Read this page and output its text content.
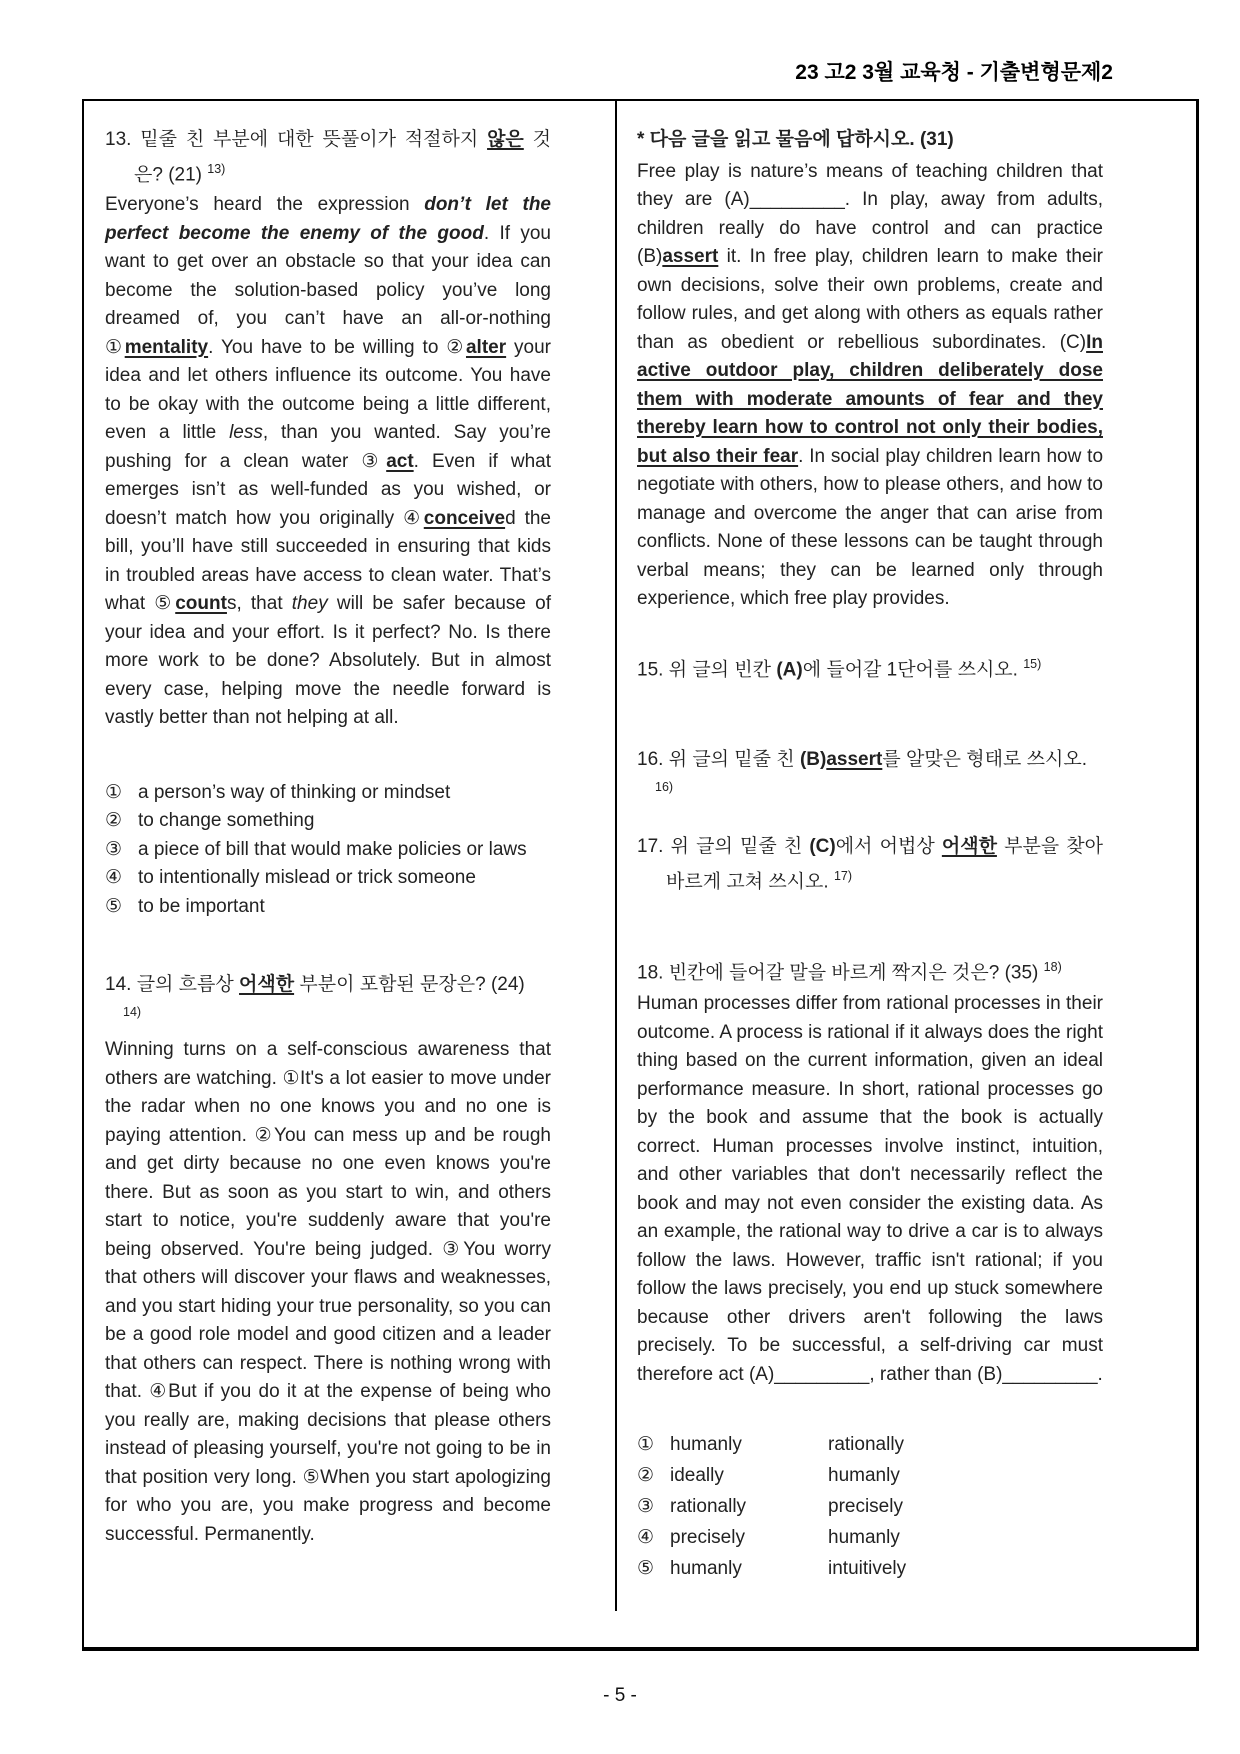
23 고2 3월 교육청 - 기출변형문제2
13. 밑줄 친 부분에 대한 뜻풀이가 적절하지 않은 것은? (21) $^{13)}$
Everyone’s heard the expression don’t let the perfect become the enemy of the good. If you want to get over an obstacle so that your idea can become the solution-based policy you’ve long dreamed of, you can’t have an all-or-nothing ①mentality. You have to be willing to ②alter your idea and let others influence its outcome. You have to be okay with the outcome being a little different, even a little less, than you wanted. Say you’re pushing for a clean water ③act. Even if what emerges isn’t as well-funded as you wished, or doesn’t match how you originally ④conceived the bill, you’ll have still succeeded in ensuring that kids in troubled areas have access to clean water. That’s what ⑤counts, that they will be safer because of your idea and your effort. Is it perfect? No. Is there more work to be done? Absolutely. But in almost every case, helping move the needle forward is vastly better than not helping at all.
① a person’s way of thinking or mindset
② to change something
③ a piece of bill that would make policies or laws
④ to intentionally mislead or trick someone
⑤ to be important
14. 글의 흐름상 어색한 부분이 포함된 문장은? (24)
$^{14)}$
Winning turns on a self-conscious awareness that others are watching. ①It's a lot easier to move under the radar when no one knows you and no one is paying attention. ②You can mess up and be rough and get dirty because no one even knows you're there. But as soon as you start to win, and others start to notice, you're suddenly aware that you're being observed. You're being judged. ③You worry that others will discover your flaws and weaknesses, and you start hiding your true personality, so you can be a good role model and good citizen and a leader that others can respect. There is nothing wrong with that. ④But if you do it at the expense of being who you really are, making decisions that please others instead of pleasing yourself, you're not going to be in that position very long. ⑤When you start apologizing for who you are, you make progress and become successful. Permanently.
* 다음 글을 읽고 물음에 답하시오. (31)
Free play is nature’s means of teaching children that they are (A)_________. In play, away from adults, children really do have control and can practice (B)assert it. In free play, children learn to make their own decisions, solve their own problems, create and follow rules, and get along with others as equals rather than as obedient or rebellious subordinates. (C)In active outdoor play, children deliberately dose them with moderate amounts of fear and they thereby learn how to control not only their bodies, but also their fear. In social play children learn how to negotiate with others, how to please others, and how to manage and overcome the anger that can arise from conflicts. None of these lessons can be taught through verbal means; they can be learned only through experience, which free play provides.
15. 위 글의 빈칸 (A)에 들어갈 1단어를 쓰시오. $^{15)}$
16. 위 글의 밑줄 친 (B)assert를 알맞은 형태로 쓰시오.
$^{16)}$
17. 위 글의 밑줄 친 (C)에서 어법상 어색한 부분을 찾아 바르게 고쳐 쓰시오. $^{17)}$
18. 빈칸에 들어갈 말을 바르게 짝지은 것은? (35) $^{18)}$
Human processes differ from rational processes in their outcome. A process is rational if it always does the right thing based on the current information, given an ideal performance measure. In short, rational processes go by the book and assume that the book is actually correct. Human processes involve instinct, intuition, and other variables that don't necessarily reflect the book and may not even consider the existing data. As an example, the rational way to drive a car is to always follow the laws. However, traffic isn't rational; if you follow the laws precisely, you end up stuck somewhere because other drivers aren't following the laws precisely. To be successful, a self-driving car must therefore act (A)_________, rather than (B)_________.
① humanly	rationally
② ideally	humanly
③ rationally	precisely
④ precisely	humanly
⑤ humanly	intuitively
- 5 -
